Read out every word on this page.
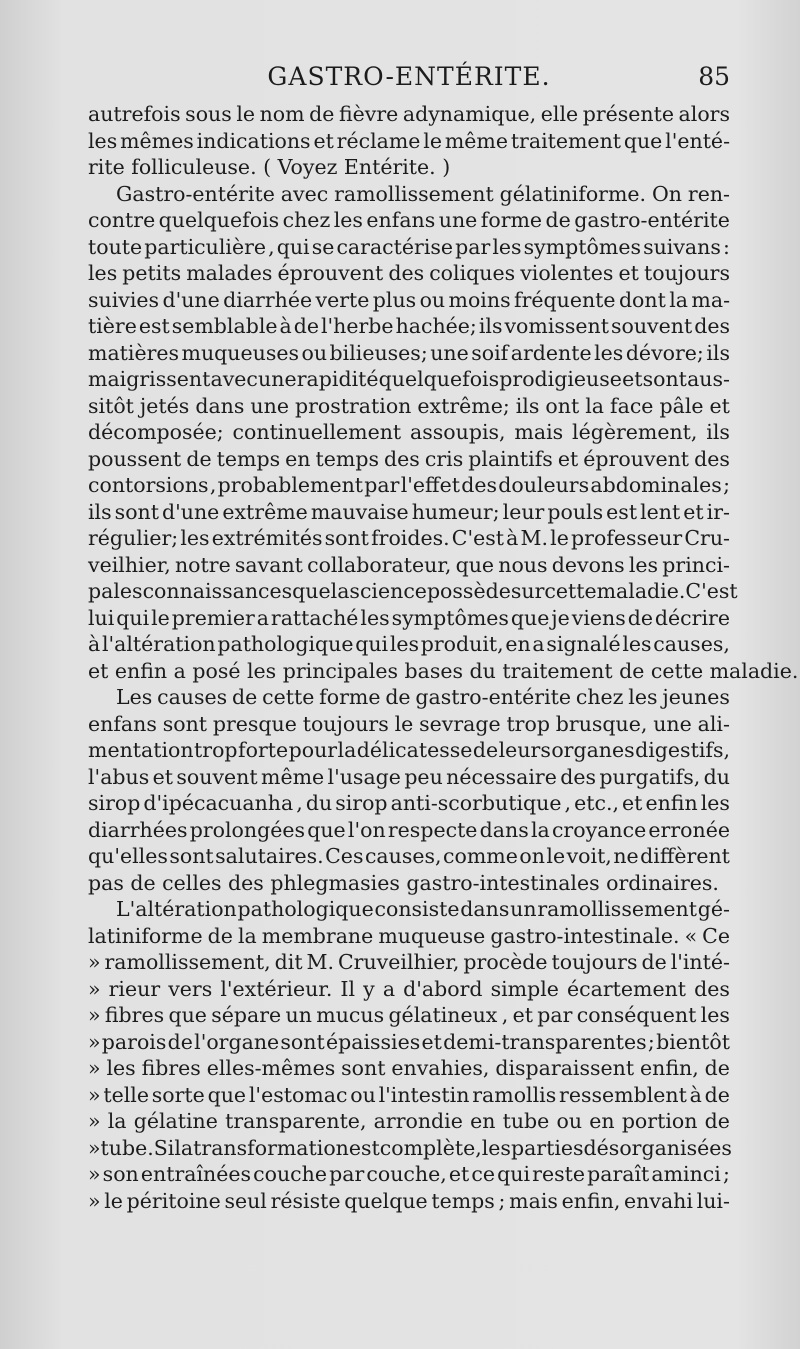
GASTRO-ENTÉRITE.	85
autrefois sous le nom de fièvre adynamique, elle présente alors
les mêmes indications et réclame le même traitement que l'enté-
rite folliculeuse. ( Voyez Entérite. )
Gastro-entérite avec ramollissement gélatiniforme. On ren-
contre quelquefois chez les enfans une forme de gastro-entérite
toute particulière , qui se caractérise par les symptômes suivans :
les petits malades éprouvent des coliques violentes et toujours
suivies d'une diarrhée verte plus ou moins fréquente dont la ma-
tière est semblable à de l'herbe hachée; ils vomissent souvent des
matières muqueuses ou bilieuses; une soif ardente les dévore; ils
maigrissent avec une rapidité quelquefois prodigieuse et sont aus-
sitôt jetés dans une prostration extrême; ils ont la face pâle et
décomposée; continuellement assoupis, mais légèrement, ils
poussent de temps en temps des cris plaintifs et éprouvent des
contorsions , probablement par l'effet des douleurs abdominales ;
ils sont d'une extrême mauvaise humeur; leur pouls est lent et ir-
régulier; les extrémités sont froides. C'est à M. le professeur Cru-
veilhier, notre savant collaborateur, que nous devons les princi-
pales connaissances que la science possède sur cette maladie. C'est
lui qui le premier a rattaché les symptômes que je viens de décrire
à l'altération pathologique qui les produit, en a signalé les causes,
et enfin a posé les principales bases du traitement de cette maladie.
Les causes de cette forme de gastro-entérite chez les jeunes
enfans sont presque toujours le sevrage trop brusque, une ali-
mentation trop forte pour la délicatesse de leurs organes digestifs,
l'abus et souvent même l'usage peu nécessaire des purgatifs, du
sirop d'ipécacuanha , du sirop anti-scorbutique , etc., et enfin les
diarrhées prolongées que l'on respecte dans la croyance erronée
qu'elles sont salutaires. Ces causes, comme on le voit, ne diffèrent
pas de celles des phlegmasies gastro-intestinales ordinaires.
L'altération pathologique consiste dans un ramollissement gé-
latiniforme de la membrane muqueuse gastro-intestinale. « Ce
» ramollissement, dit M. Cruveilhier, procède toujours de l'inté-
» rieur vers l'extérieur. Il y a d'abord simple écartement des
» fibres que sépare un mucus gélatineux , et par conséquent les
» parois de l'organe sont épaissies et demi-transparentes ; bientôt
» les fibres elles-mêmes sont envahies, disparaissent enfin, de
» telle sorte que l'estomac ou l'intestin ramollis ressemblent à de
» la gélatine transparente, arrondie en tube ou en portion de
» tube. Si la transformation est complète, les parties désorganisées
» son entraînées couche par couche, et ce qui reste paraît aminci ;
» le péritoine seul résiste quelque temps ; mais enfin, envahi lui-
